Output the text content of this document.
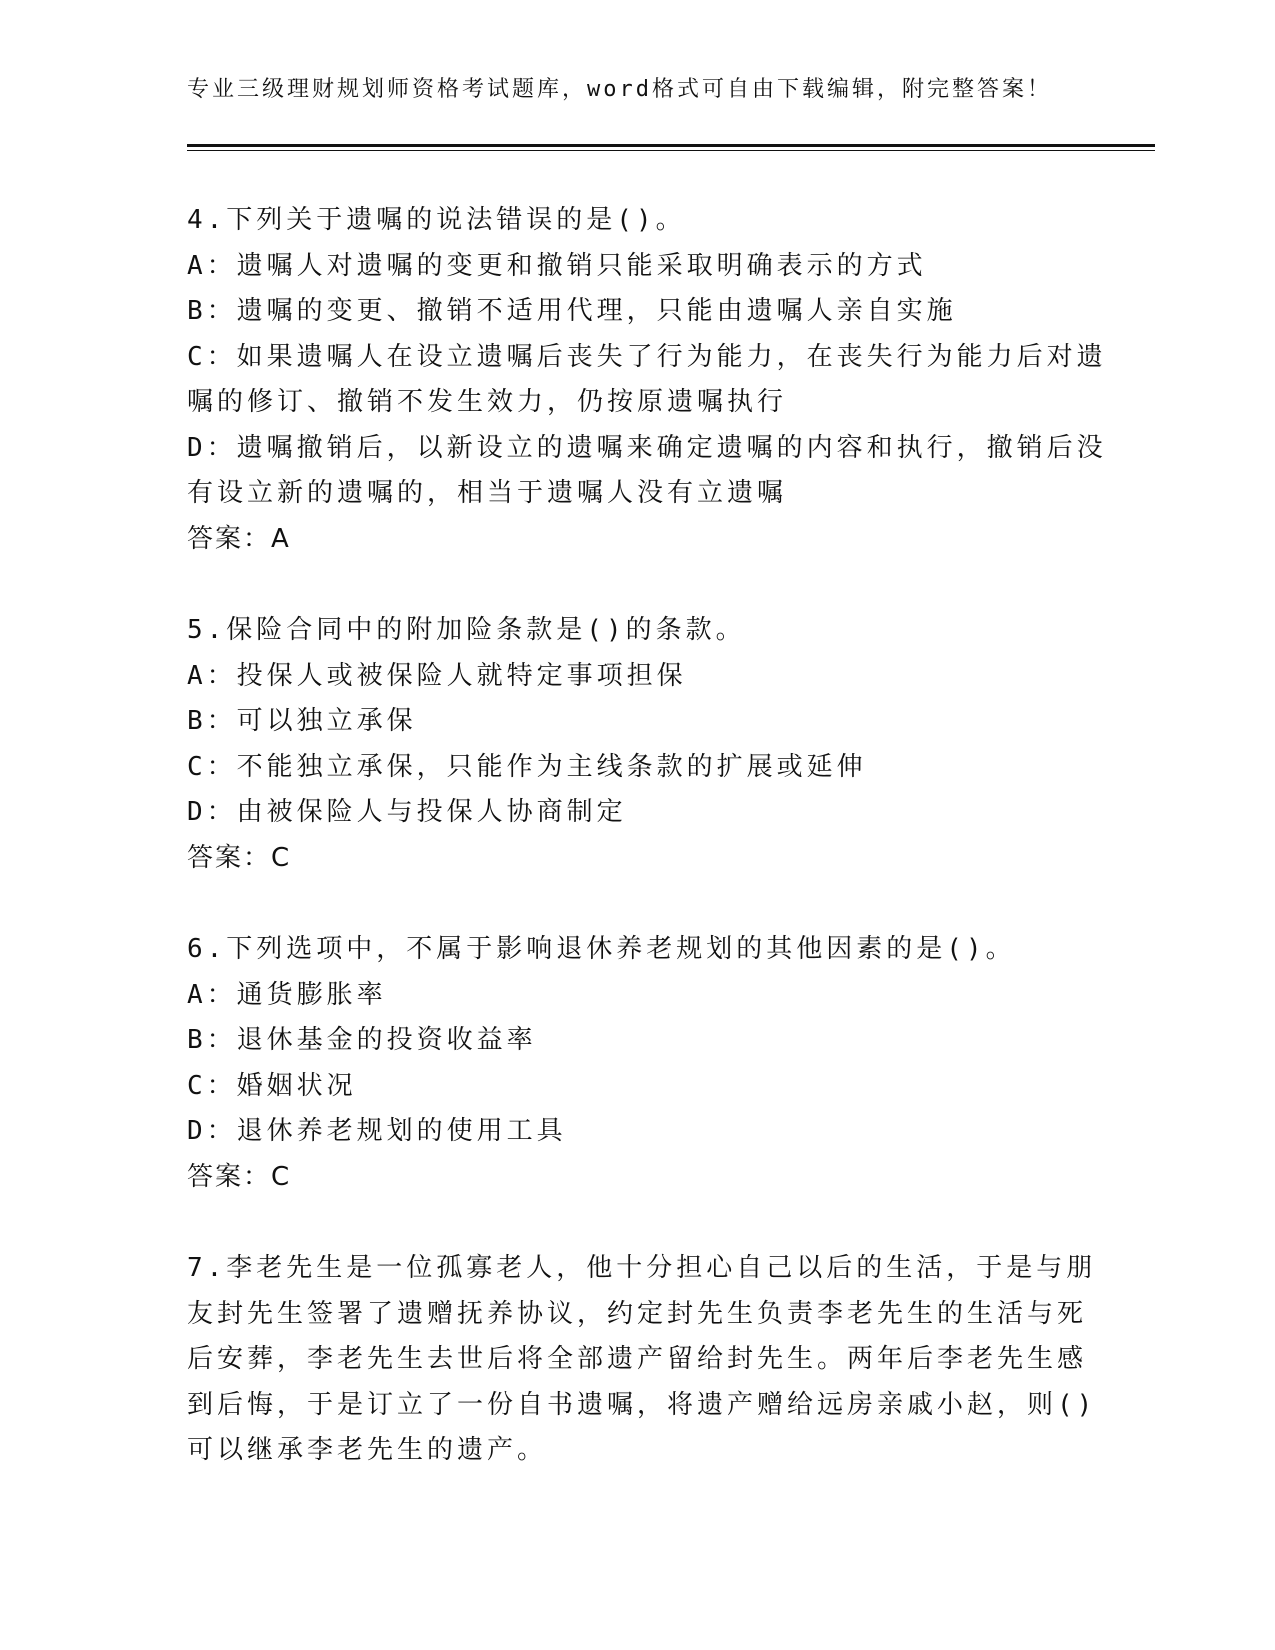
专业三级理财规划师资格考试题库，word格式可自由下载编辑，附完整答案！
4.下列关于遗嘱的说法错误的是()。
A：遗嘱人对遗嘱的变更和撤销只能采取明确表示的方式
B：遗嘱的变更、撤销不适用代理，只能由遗嘱人亲自实施
C：如果遗嘱人在设立遗嘱后丧失了行为能力，在丧失行为能力后对遗
嘱的修订、撤销不发生效力，仍按原遗嘱执行
D：遗嘱撤销后，以新设立的遗嘱来确定遗嘱的内容和执行，撤销后没
有设立新的遗嘱的，相当于遗嘱人没有立遗嘱
答案：A
5.保险合同中的附加险条款是()的条款。
A：投保人或被保险人就特定事项担保
B：可以独立承保
C：不能独立承保，只能作为主线条款的扩展或延伸
D：由被保险人与投保人协商制定
答案：C
6.下列选项中，不属于影响退休养老规划的其他因素的是()。
A：通货膨胀率
B：退休基金的投资收益率
C：婚姻状况
D：退休养老规划的使用工具
答案：C
7.李老先生是一位孤寡老人，他十分担心自己以后的生活，于是与朋
友封先生签署了遗赠抚养协议，约定封先生负责李老先生的生活与死
后安葬，李老先生去世后将全部遗产留给封先生。两年后李老先生感
到后悔，于是订立了一份自书遗嘱，将遗产赠给远房亲戚小赵，则()
可以继承李老先生的遗产。
